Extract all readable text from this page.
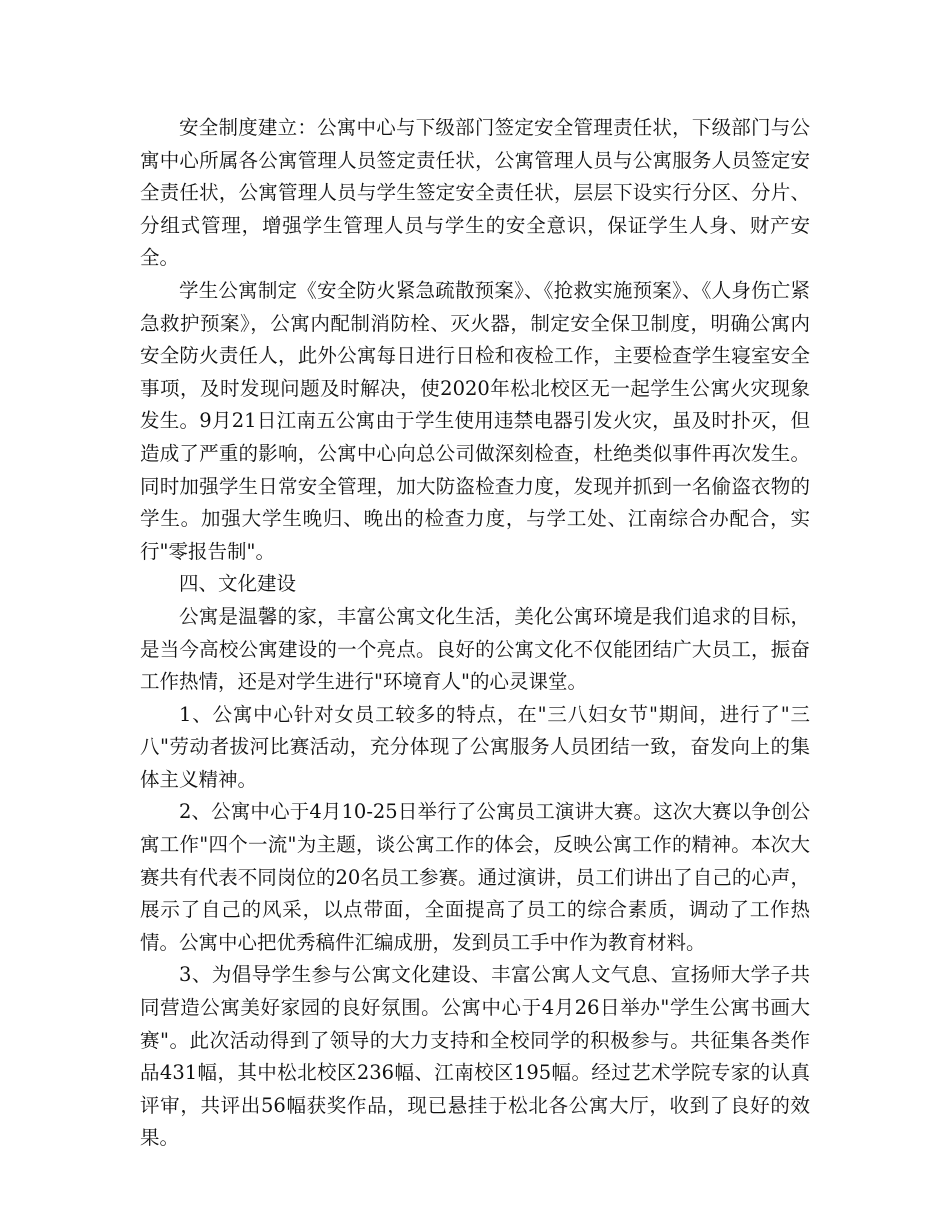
安全制度建立：公寓中心与下级部门签定安全管理责任状，下级部门与公寓中心所属各公寓管理人员签定责任状，公寓管理人员与公寓服务人员签定安全责任状，公寓管理人员与学生签定安全责任状，层层下设实行分区、分片、分组式管理，增强学生管理人员与学生的安全意识，保证学生人身、财产安全。

学生公寓制定《安全防火紧急疏散预案》、《抢救实施预案》、《人身伤亡紧急救护预案》，公寓内配制消防栓、灭火器，制定安全保卫制度，明确公寓内安全防火责任人，此外公寓每日进行日检和夜检工作，主要检查学生寝室安全事项，及时发现问题及时解决，使2020年松北校区无一起学生公寓火灾现象发生。9月21日江南五公寓由于学生使用违禁电器引发火灾，虽及时扑灭，但造成了严重的影响，公寓中心向总公司做深刻检查，杜绝类似事件再次发生。同时加强学生日常安全管理，加大防盗检查力度，发现并抓到一名偷盗衣物的学生。加强大学生晚归、晚出的检查力度，与学工处、江南综合办配合，实行"零报告制"。

四、文化建设

公寓是温馨的家，丰富公寓文化生活，美化公寓环境是我们追求的目标，是当今高校公寓建设的一个亮点。良好的公寓文化不仅能团结广大员工，振奋工作热情，还是对学生进行"环境育人"的心灵课堂。

1、公寓中心针对女员工较多的特点，在"三八妇女节"期间，进行了"三八"劳动者拔河比赛活动，充分体现了公寓服务人员团结一致，奋发向上的集体主义精神。

2、公寓中心于4月10-25日举行了公寓员工演讲大赛。这次大赛以争创公寓工作"四个一流"为主题，谈公寓工作的体会，反映公寓工作的精神。本次大赛共有代表不同岗位的20名员工参赛。通过演讲，员工们讲出了自己的心声，展示了自己的风采，以点带面，全面提高了员工的综合素质，调动了工作热情。公寓中心把优秀稿件汇编成册，发到员工手中作为教育材料。

3、为倡导学生参与公寓文化建设、丰富公寓人文气息、宣扬师大学子共同营造公寓美好家园的良好氛围。公寓中心于4月26日举办"学生公寓书画大赛"。此次活动得到了领导的大力支持和全校同学的积极参与。共征集各类作品431幅，其中松北校区236幅、江南校区195幅。经过艺术学院专家的认真评审，共评出56幅获奖作品，现已悬挂于松北各公寓大厅，收到了良好的效果。
